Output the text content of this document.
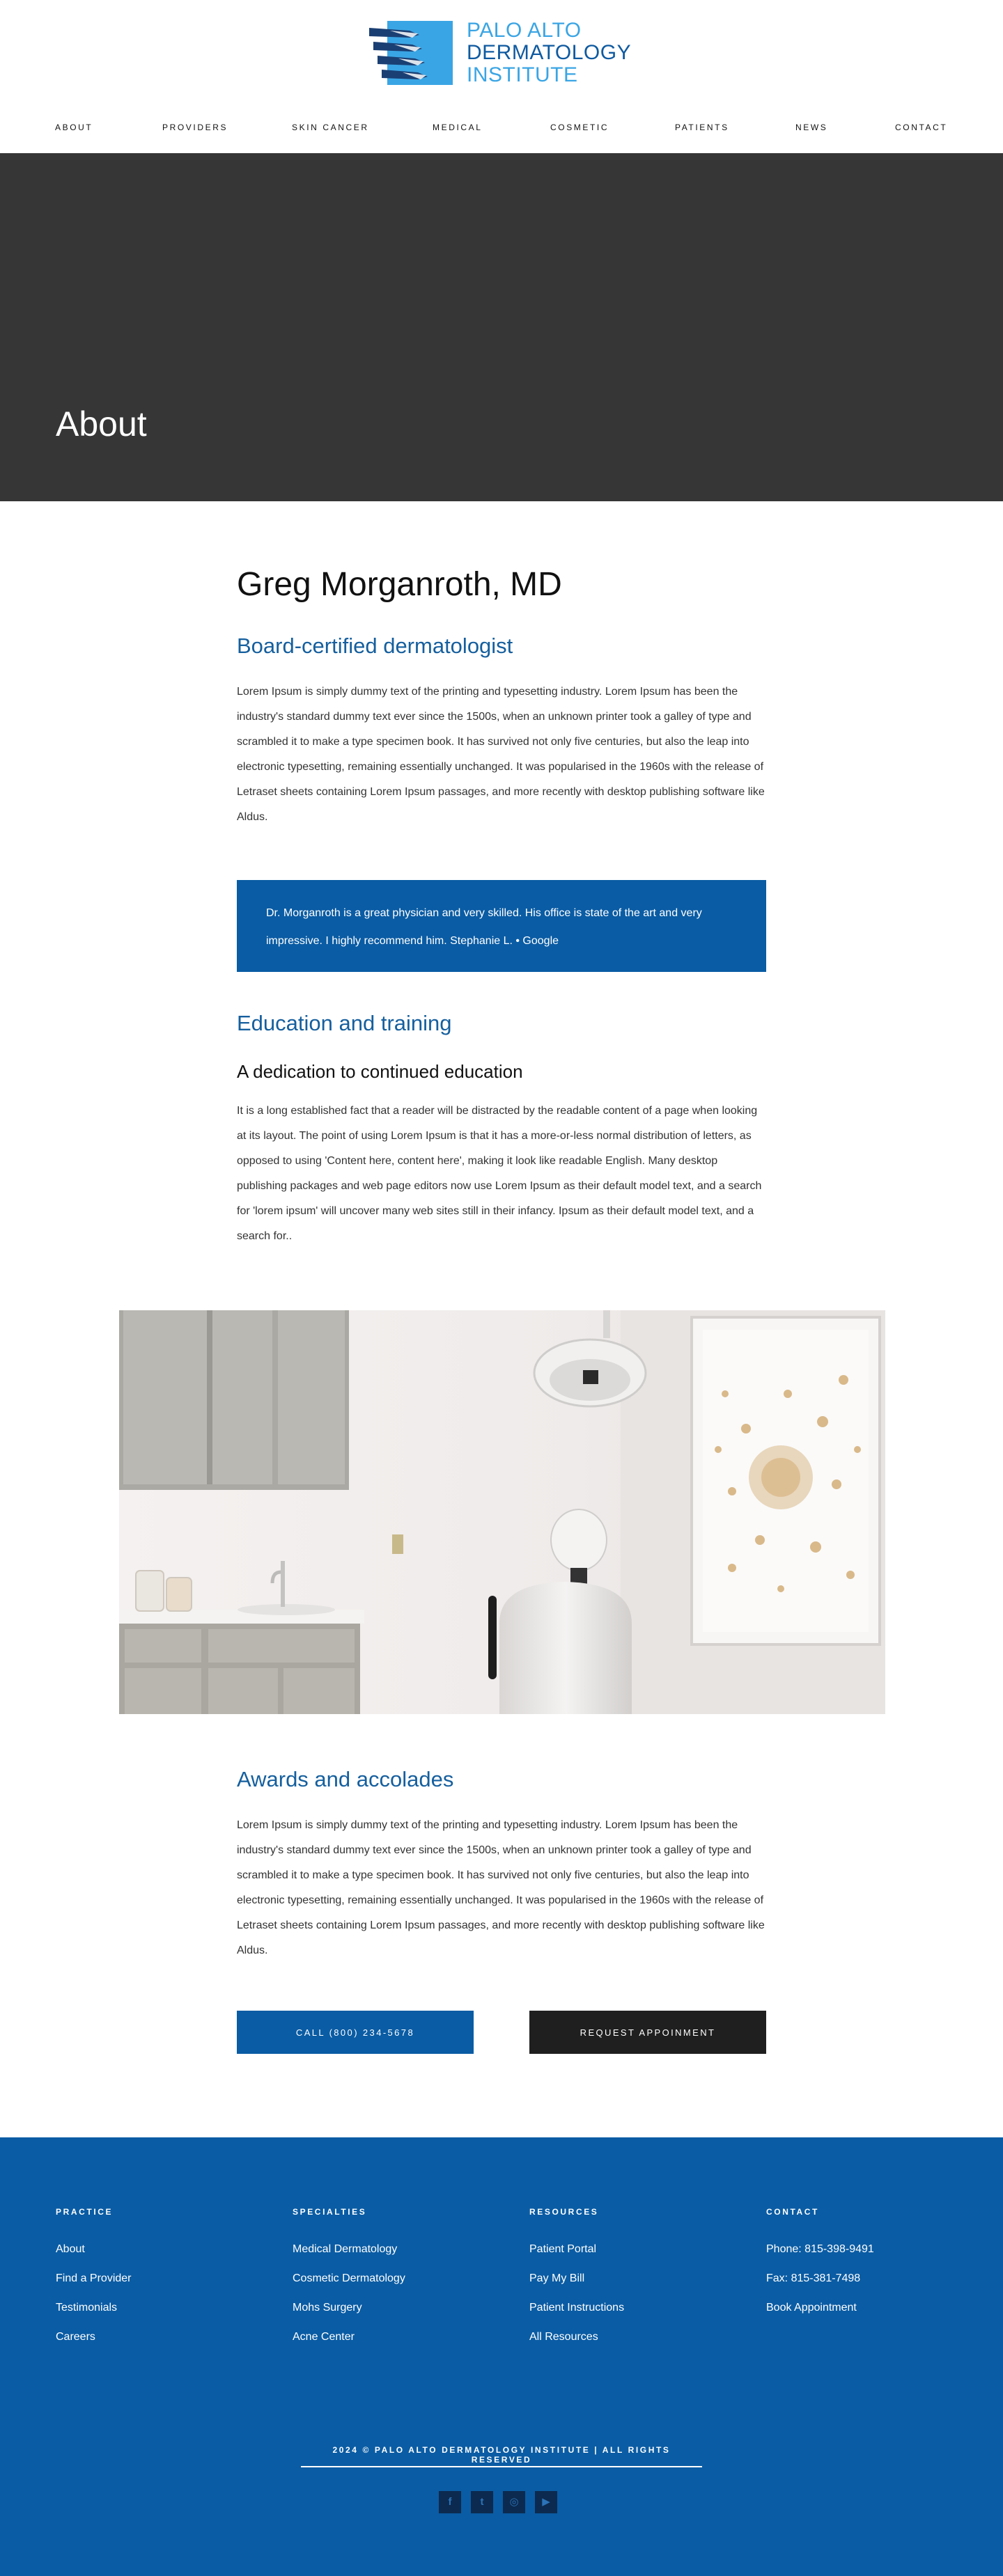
PALO ALTO
DERMATOLOGY
INSTITUTE
ABOUT	PROVIDERS	SKIN CANCER	MEDICAL	COSMETIC	PATIENTS	NEWS	CONTACT
About
Greg Morganroth, MD
Board-certified dermatologist

Lorem Ipsum is simply dummy text of the printing and typesetting industry. Lorem Ipsum has been the industry's standard dummy text ever since the 1500s, when an unknown printer took a galley of type and scrambled it to make a type specimen book. It has survived not only five centuries, but also the leap into electronic typesetting, remaining essentially unchanged. It was popularised in the 1960s with the release of Letraset sheets containing Lorem Ipsum passages, and more recently with desktop publishing software like Aldus.

Dr. Morganroth is a great physician and very skilled. His office is state of the art and very impressive. I highly recommend him. Stephanie L. • Google

Education and training
A dedication to continued education

It is a long established fact that a reader will be distracted by the readable content of a page when looking at its layout. The point of using Lorem Ipsum is that it has a more-or-less normal distribution of letters, as opposed to using 'Content here, content here', making it look like readable English. Many desktop publishing packages and web page editors now use Lorem Ipsum as their default model text, and a search for 'lorem ipsum' will uncover many web sites still in their infancy. Ipsum as their default model text, and a search for..

Awards and accolades

Lorem Ipsum is simply dummy text of the printing and typesetting industry. Lorem Ipsum has been the industry's standard dummy text ever since the 1500s, when an unknown printer took a galley of type and scrambled it to make a type specimen book. It has survived not only five centuries, but also the leap into electronic typesetting, remaining essentially unchanged. It was popularised in the 1960s with the release of Letraset sheets containing Lorem Ipsum passages, and more recently with desktop publishing software like Aldus.

CALL (800) 234-5678	REQUEST APPOINMENT

PRACTICE

About
Find a Provider
Testimonials
Careers

SPECIALTIES

Medical Dermatology
Cosmetic Dermatology
Mohs Surgery
Acne Center

RESOURCES

Patient Portal
Pay My Bill
Patient Instructions
All Resources

CONTACT

Phone: 815-398-9491
Fax: 815-381-7498
Book Appointment
2024 © PALO ALTO DERMATOLOGY INSTITUTE | ALL RIGHTS RESERVED
f	t	◎	▶
